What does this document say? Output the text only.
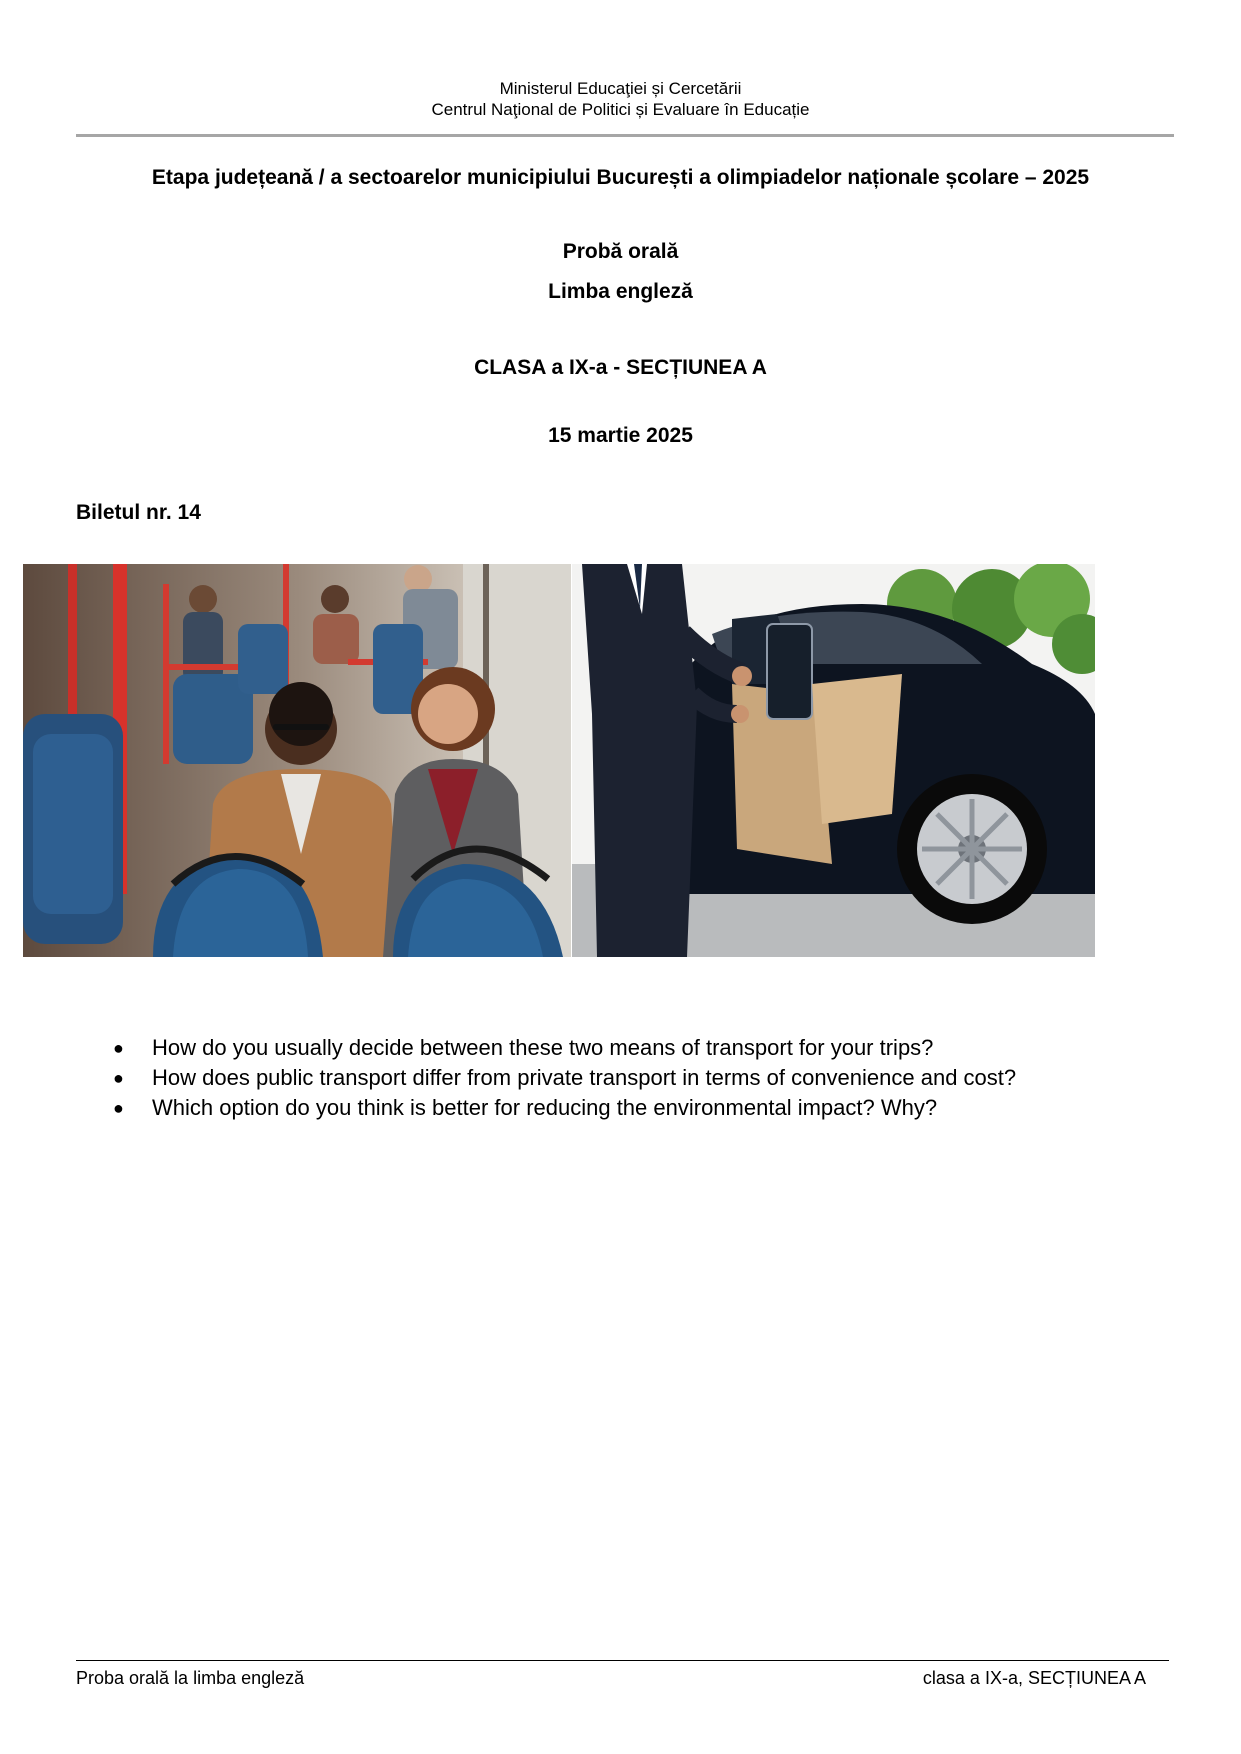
Ministerul Educaţiei și Cercetării
Centrul Naţional de Politici și Evaluare în Educație
Etapa județeană / a sectoarelor municipiului București a olimpiadelor naționale școlare – 2025
Probă orală
Limba engleză
CLASA a IX-a - SECȚIUNEA A
15 martie 2025
Biletul nr. 14
●	How do you usually decide between these two means of transport for your trips?
●	How does public transport differ from private transport in terms of convenience and cost?
●	Which option do you think is better for reducing the environmental impact? Why?
Proba orală la limba engleză	clasa a IX-a, SECȚIUNEA A
